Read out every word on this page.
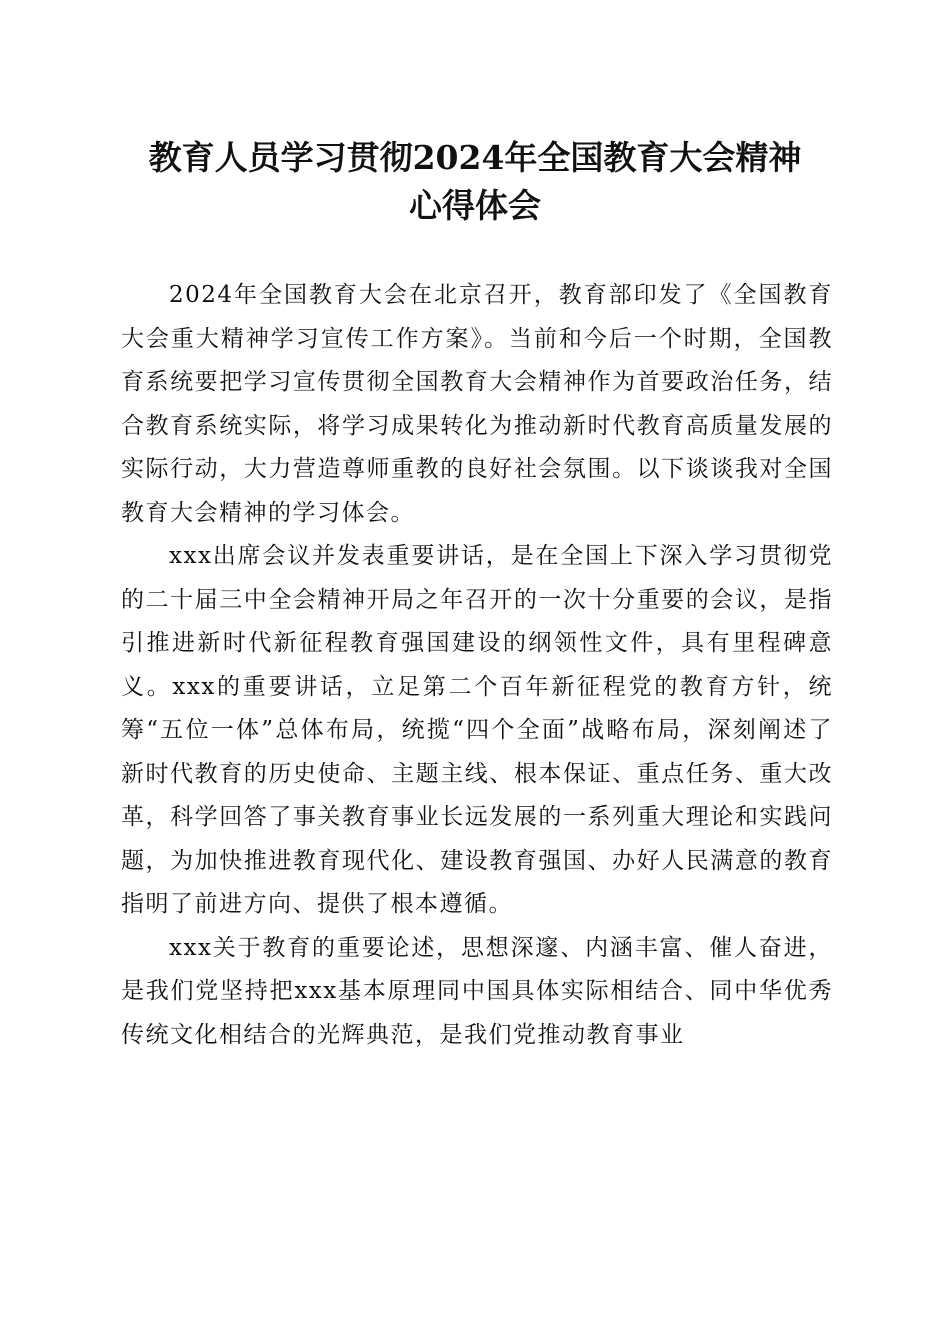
教育人员学习贯彻2024年全国教育大会精神
心得体会

2024年全国教育大会在北京召开，教育部印发了《全国教育大会重大精神学习宣传工作方案》。当前和今后一个时期，全国教育系统要把学习宣传贯彻全国教育大会精神作为首要政治任务，结合教育系统实际，将学习成果转化为推动新时代教育高质量发展的实际行动，大力营造尊师重教的良好社会氛围。以下谈谈我对全国教育大会精神的学习体会。

xxx出席会议并发表重要讲话，是在全国上下深入学习贯彻党的二十届三中全会精神开局之年召开的一次十分重要的会议，是指引推进新时代新征程教育强国建设的纲领性文件，具有里程碑意义。xxx的重要讲话，立足第二个百年新征程党的教育方针，统筹“五位一体”总体布局，统揽“四个全面”战略布局，深刻阐述了新时代教育的历史使命、主题主线、根本保证、重点任务、重大改革，科学回答了事关教育事业长远发展的一系列重大理论和实践问题，为加快推进教育现代化、建设教育强国、办好人民满意的教育指明了前进方向、提供了根本遵循。

xxx关于教育的重要论述，思想深邃、内涵丰富、催人奋进，是我们党坚持把xxx基本原理同中国具体实际相结合、同中华优秀传统文化相结合的光辉典范，是我们党推动教育事业
